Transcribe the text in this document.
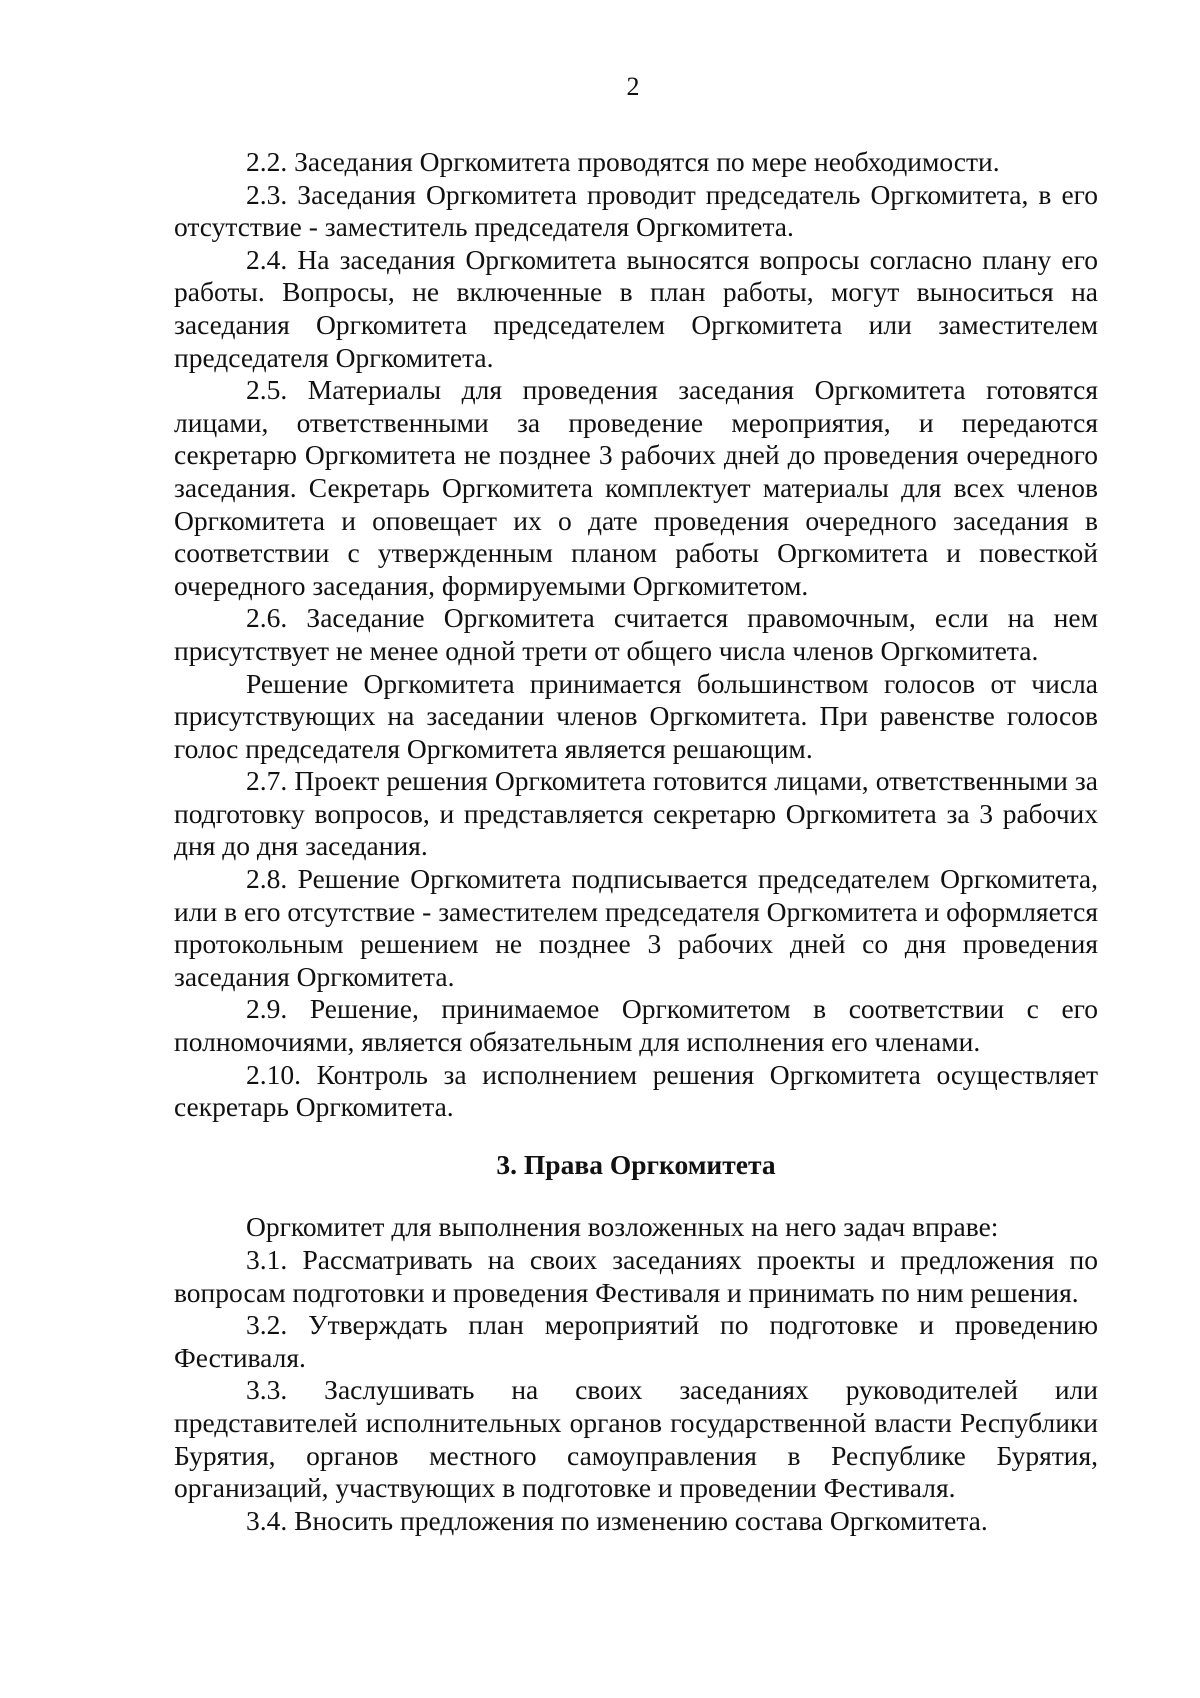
2

2.2. Заседания Оргкомитета проводятся по мере необходимости.

2.3. Заседания Оргкомитета проводит председатель Оргкомитета, в его отсутствие - заместитель председателя Оргкомитета.

2.4. На заседания Оргкомитета выносятся вопросы согласно плану его работы. Вопросы, не включенные в план работы, могут выноситься на заседания Оргкомитета председателем Оргкомитета или заместителем председателя Оргкомитета.

2.5. Материалы для проведения заседания Оргкомитета готовятся лицами, ответственными за проведение мероприятия, и передаются секретарю Оргкомитета не позднее 3 рабочих дней до проведения очередного заседания. Секретарь Оргкомитета комплектует материалы для всех членов Оргкомитета и оповещает их о дате проведения очередного заседания в соответствии с утвержденным планом работы Оргкомитета и повесткой очередного заседания, формируемыми Оргкомитетом.

2.6. Заседание Оргкомитета считается правомочным, если на нем присутствует не менее одной трети от общего числа членов Оргкомитета.

Решение Оргкомитета принимается большинством голосов от числа присутствующих на заседании членов Оргкомитета. При равенстве голосов голос председателя Оргкомитета является решающим.

2.7. Проект решения Оргкомитета готовится лицами, ответственными за подготовку вопросов, и представляется секретарю Оргкомитета за 3 рабочих дня до дня заседания.

2.8. Решение Оргкомитета подписывается председателем Оргкомитета, или в его отсутствие - заместителем председателя Оргкомитета и оформляется протокольным решением не позднее 3 рабочих дней со дня проведения заседания Оргкомитета.

2.9. Решение, принимаемое Оргкомитетом в соответствии с его полномочиями, является обязательным для исполнения его членами.

2.10. Контроль за исполнением решения Оргкомитета осуществляет секретарь Оргкомитета.

3. Права Оргкомитета

Оргкомитет для выполнения возложенных на него задач вправе:

3.1. Рассматривать на своих заседаниях проекты и предложения по вопросам подготовки и проведения Фестиваля и принимать по ним решения.

3.2. Утверждать план мероприятий по подготовке и проведению Фестиваля.

3.3. Заслушивать на своих заседаниях руководителей или представителей исполнительных органов государственной власти Республики Бурятия, органов местного самоуправления в Республике Бурятия, организаций, участвующих в подготовке и проведении Фестиваля.

3.4. Вносить предложения по изменению состава Оргкомитета.
